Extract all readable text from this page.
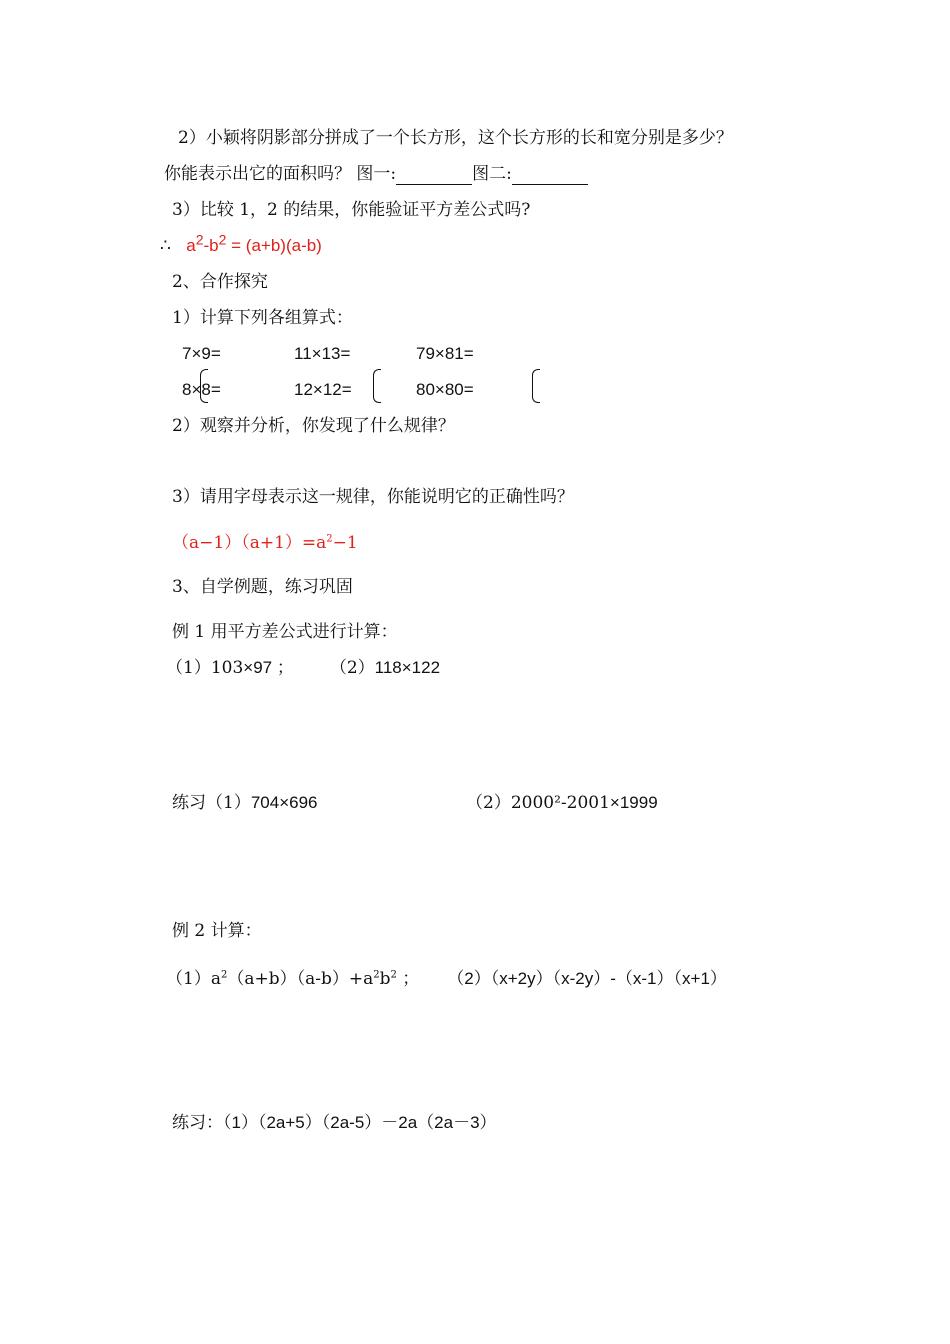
2）小颖将阴影部分拼成了一个长方形，这个长方形的长和宽分别是多少？
你能表示出它的面积吗？ 图一:	图二:
3）比较 1，2 的结果，你能验证平方差公式吗?
∴ $a^2-b^2 = (a+b)(a-b)$
2、合作探究
1）计算下列各组算式：
7×9=	11×13=	79×81=
8×8=	12×12=	80×80=
2）观察并分析，你发现了什么规律？
3）请用字母表示这一规律，你能说明它的正确性吗？
$(a-1)(a+1)=a^2-1$
3、自学例题，练习巩固
例 1 用平方差公式进行计算：
（1）103×97 ； （2）118×122
练习（1）704×696	（2）2000²-2001×1999
例 2 计算：
$(1)a^2(a+b)(a-b)+a^2b^2$ ； （2）（x+2y）（x-2y）-（x-1）（x+1）
练习：（1）（2a+5）（2a-5）－2a（2a－3）
